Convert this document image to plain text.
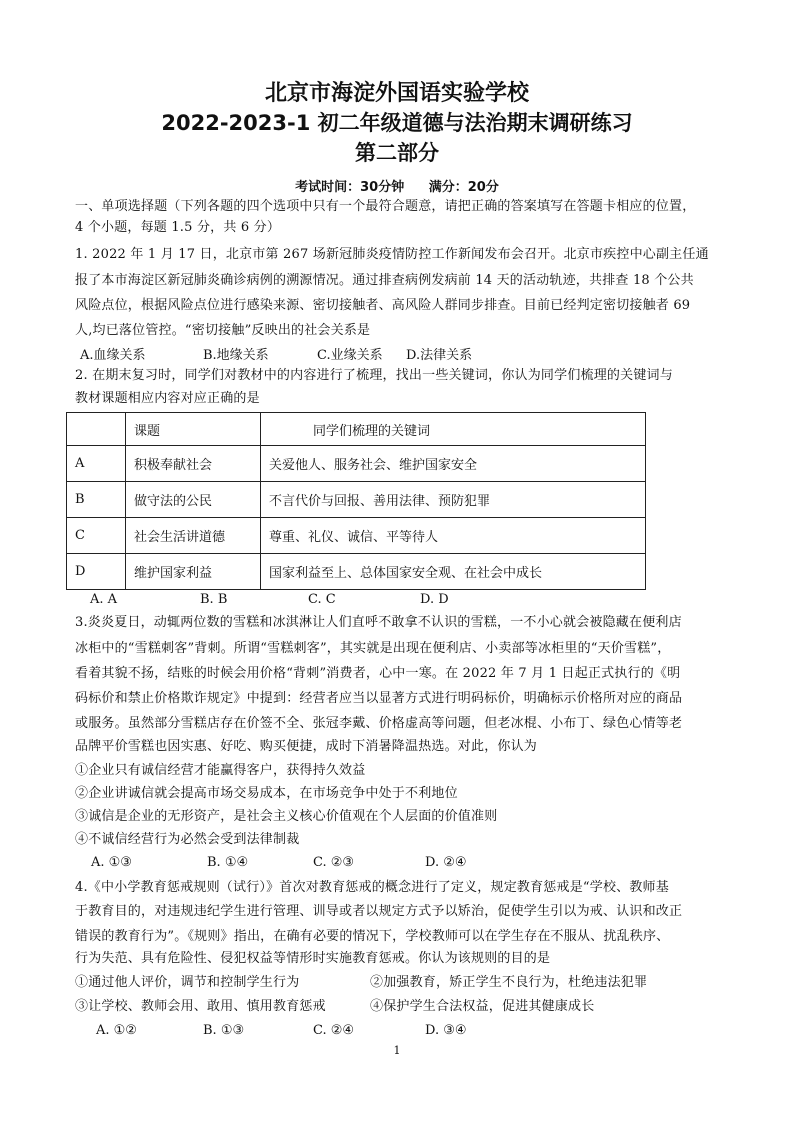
北京市海淀外国语实验学校
2022-2023-1 初二年级道德与法治期末调研练习
第二部分
考试时间：30分钟 满分：20分
一、单项选择题（下列各题的四个选项中只有一个最符合题意，请把正确的答案填写在答题卡相应的位置，
4 个小题，每题 1.5 分，共 6 分）
1. 2022 年 1 月 17 日，北京市第 267 场新冠肺炎疫情防控工作新闻发布会召开。北京市疾控中心副主任通
报了本市海淀区新冠肺炎确诊病例的溯源情况。通过排查病例发病前 14 天的活动轨迹，共排查 18 个公共
风险点位，根据风险点位进行感染来源、密切接触者、高风险人群同步排查。目前已经判定密切接触者 69
人,均已落位管控。“密切接触”反映出的社会关系是
A.血缘关系	B.地缘关系	C.业缘关系 D.法律关系
2. 在期末复习时，同学们对教材中的内容进行了梳理，找出一些关键词，你认为同学们梳理的关键词与
教材课题相应内容对应正确的是
	课题	同学们梳理的关键词
A	积极奉献社会	关爱他人、服务社会、维护国家安全
B	做守法的公民	不言代价与回报、善用法律、预防犯罪
C	社会生活讲道德	尊重、礼仪、诚信、平等待人
D	维护国家利益	国家利益至上、总体国家安全观、在社会中成长
A. A	B. B	C. C	D. D
3.炎炎夏日，动辄两位数的雪糕和冰淇淋让人们直呼不敢拿不认识的雪糕，一不小心就会被隐藏在便利店
冰柜中的“雪糕刺客”背刺。所谓“雪糕刺客”，其实就是出现在便利店、小卖部等冰柜里的“天价雪糕”，
看着其貌不扬，结账的时候会用价格“背刺”消费者，心中一寒。在 2022 年 7 月 1 日起正式执行的《明
码标价和禁止价格欺诈规定》中提到：经营者应当以显著方式进行明码标价，明确标示价格所对应的商品
或服务。虽然部分雪糕店存在价签不全、张冠李戴、价格虚高等问题，但老冰棍、小布丁、绿色心情等老
品牌平价雪糕也因实惠、好吃、购买便捷，成时下消暑降温热选。对此，你认为
①企业只有诚信经营才能赢得客户，获得持久效益
②企业讲诚信就会提高市场交易成本，在市场竞争中处于不利地位
③诚信是企业的无形资产，是社会主义核心价值观在个人层面的价值准则
④不诚信经营行为必然会受到法律制裁
A. ①③	B. ①④	C. ②③	D. ②④
4.《中小学教育惩戒规则（试行）》首次对教育惩戒的概念进行了定义，规定教育惩戒是“学校、教师基
于教育目的，对违规违纪学生进行管理、训导或者以规定方式予以矫治，促使学生引以为戒、认识和改正
错误的教育行为”。《规则》指出，在确有必要的情况下，学校教师可以在学生存在不服从、扰乱秩序、
行为失范、具有危险性、侵犯权益等情形时实施教育惩戒。你认为该规则的目的是
①通过他人评价，调节和控制学生行为	②加强教育，矫正学生不良行为，杜绝违法犯罪
③让学校、教师会用、敢用、慎用教育惩戒	④保护学生合法权益，促进其健康成长
A. ①②	B. ①③	C. ②④	D. ③④
1
